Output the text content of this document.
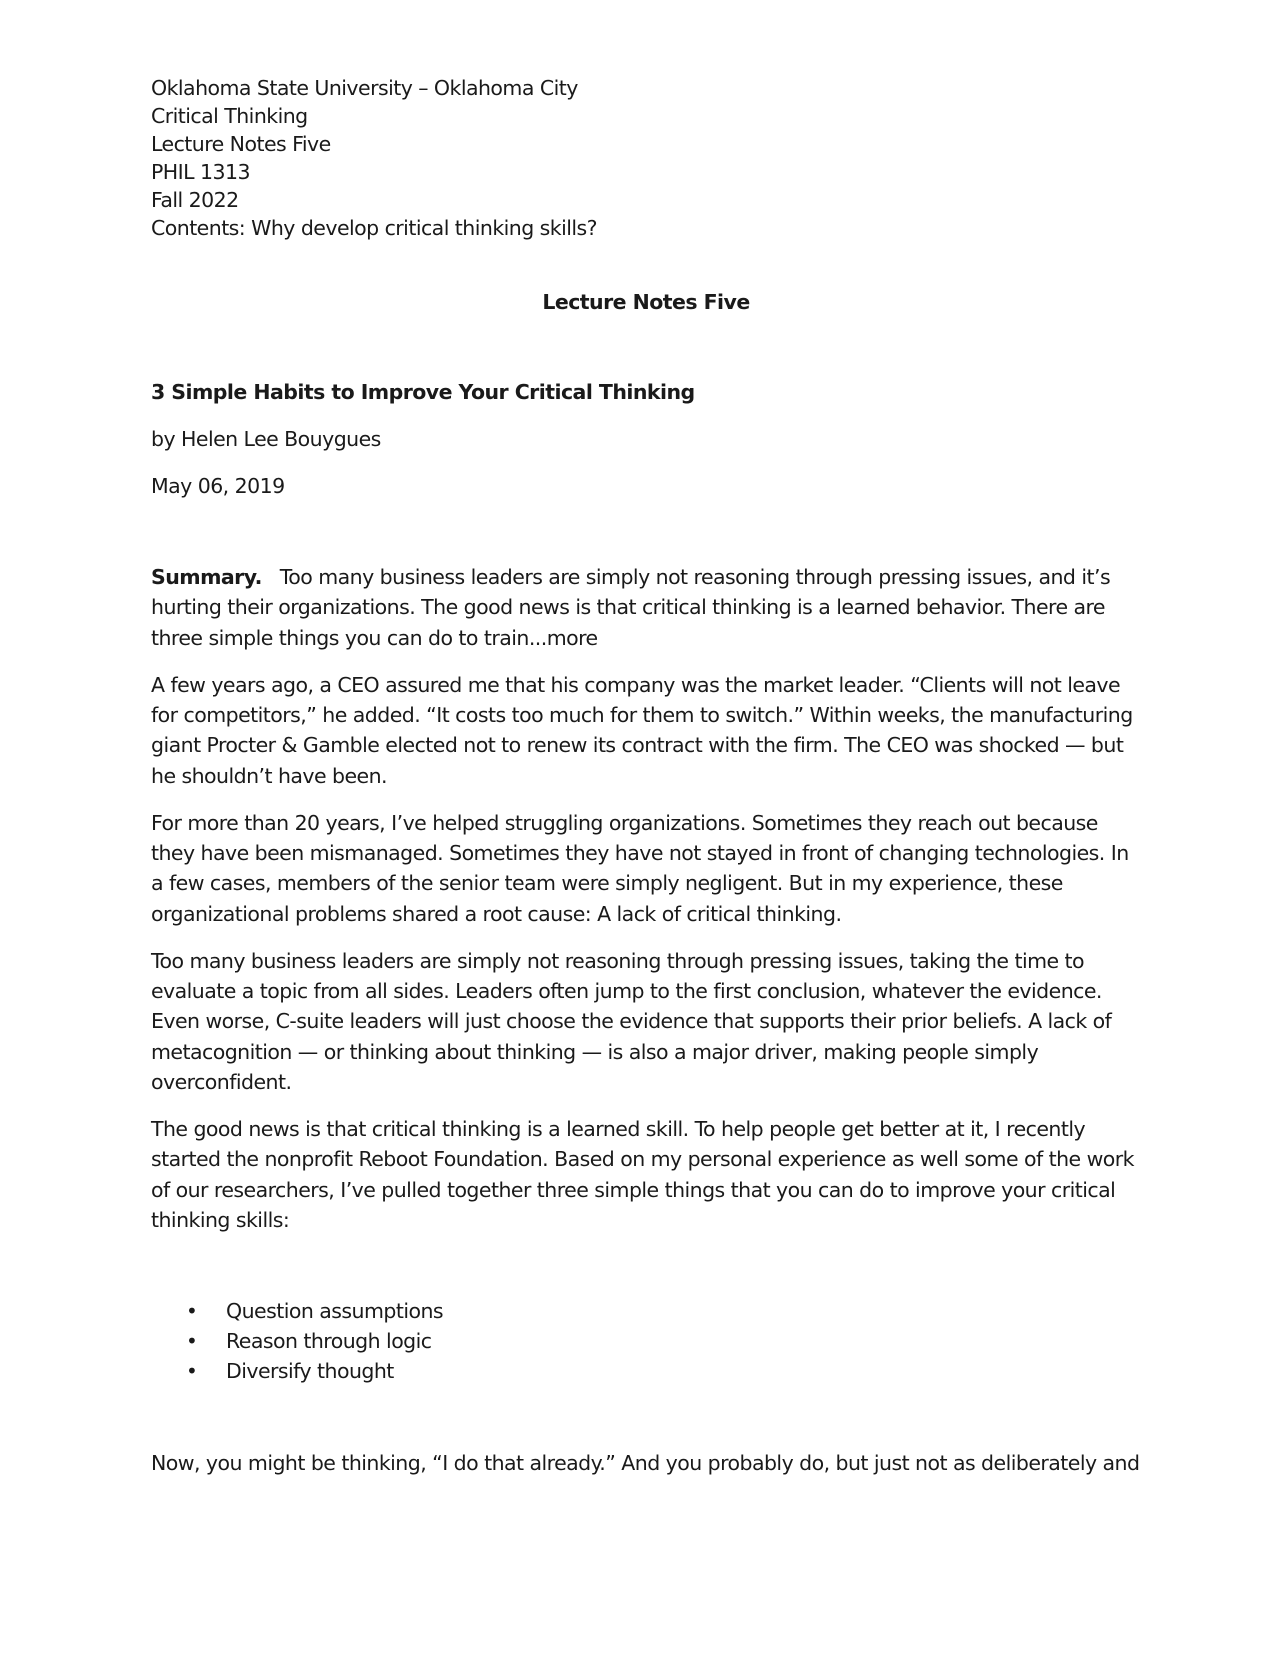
Oklahoma State University – Oklahoma City
Critical Thinking
Lecture Notes Five
PHIL 1313
Fall 2022
Contents: Why develop critical thinking skills?
Lecture Notes Five
3 Simple Habits to Improve Your Critical Thinking
by Helen Lee Bouygues
May 06, 2019

Summary.   Too many business leaders are simply not reasoning through pressing issues, and it’s hurting their organizations. The good news is that critical thinking is a learned behavior. There are three simple things you can do to train...more

A few years ago, a CEO assured me that his company was the market leader. “Clients will not leave for competitors,” he added. “It costs too much for them to switch.” Within weeks, the manufacturing giant Procter & Gamble elected not to renew its contract with the firm. The CEO was shocked — but he shouldn’t have been.

For more than 20 years, I’ve helped struggling organizations. Sometimes they reach out because they have been mismanaged. Sometimes they have not stayed in front of changing technologies. In a few cases, members of the senior team were simply negligent. But in my experience, these organizational problems shared a root cause: A lack of critical thinking.

Too many business leaders are simply not reasoning through pressing issues, taking the time to evaluate a topic from all sides. Leaders often jump to the first conclusion, whatever the evidence. Even worse, C-suite leaders will just choose the evidence that supports their prior beliefs. A lack of metacognition — or thinking about thinking — is also a major driver, making people simply overconfident.

The good news is that critical thinking is a learned skill. To help people get better at it, I recently started the nonprofit Reboot Foundation. Based on my personal experience as well some of the work of our researchers, I’ve pulled together three simple things that you can do to improve your critical thinking skills:

• Question assumptions
• Reason through logic
• Diversify thought

Now, you might be thinking, “I do that already.” And you probably do, but just not as deliberately and
